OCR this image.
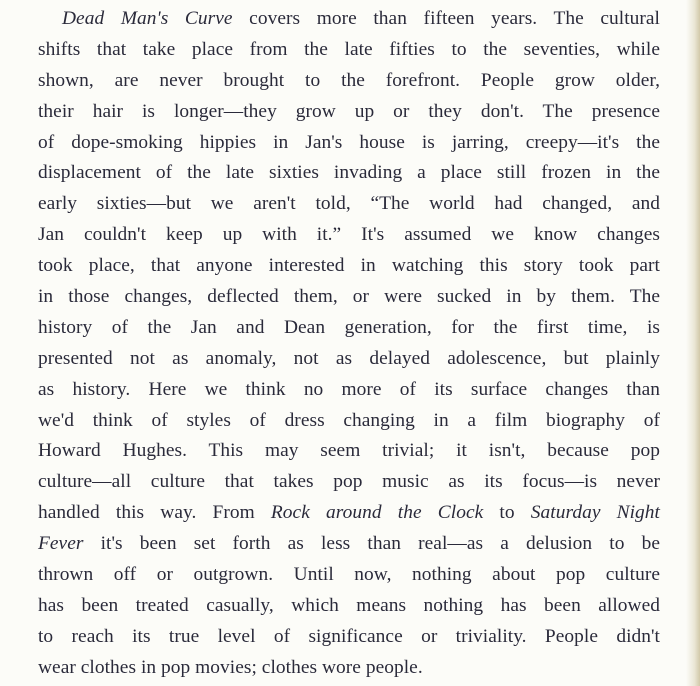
Dead Man's Curve covers more than fifteen years. The cultural
shifts that take place from the late fifties to the seventies, while
shown, are never brought to the forefront. People grow older,
their hair is longer—they grow up or they don't. The presence
of dope-smoking hippies in Jan's house is jarring, creepy—it's the
displacement of the late sixties invading a place still frozen in the
early sixties—but we aren't told, “The world had changed, and
Jan couldn't keep up with it.” It's assumed we know changes
took place, that anyone interested in watching this story took part
in those changes, deflected them, or were sucked in by them. The
history of the Jan and Dean generation, for the first time, is
presented not as anomaly, not as delayed adolescence, but plainly
as history. Here we think no more of its surface changes than
we'd think of styles of dress changing in a film biography of
Howard Hughes. This may seem trivial; it isn't, because pop
culture—all culture that takes pop music as its focus—is never
handled this way. From Rock around the Clock to Saturday Night
Fever it's been set forth as less than real—as a delusion to be
thrown off or outgrown. Until now, nothing about pop culture
has been treated casually, which means nothing has been allowed
to reach its true level of significance or triviality. People didn't
wear clothes in pop movies; clothes wore people.
